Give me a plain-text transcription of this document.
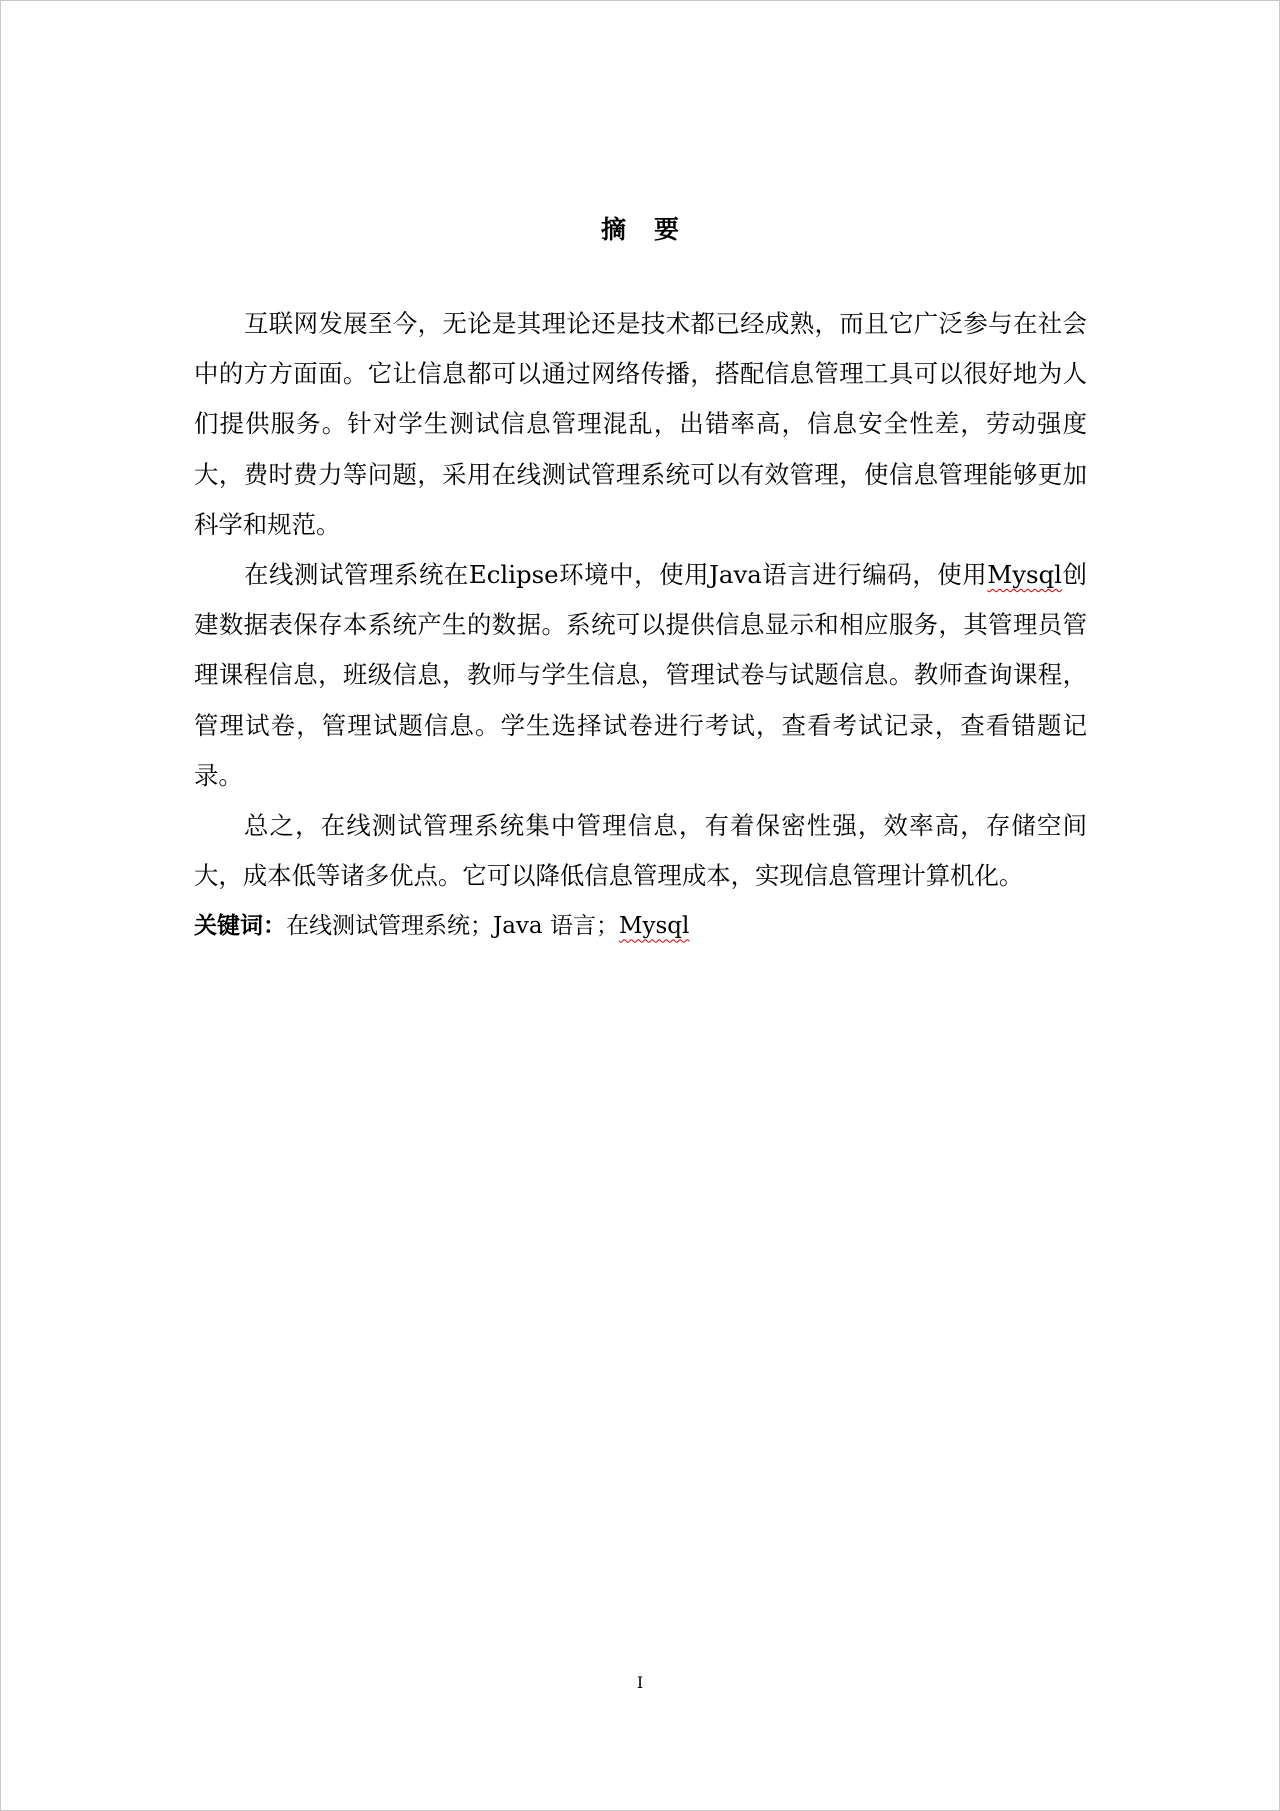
摘要

互联网发展至今，无论是其理论还是技术都已经成熟，而且它广泛参与在社会中的方方面面。它让信息都可以通过网络传播，搭配信息管理工具可以很好地为人们提供服务。针对学生测试信息管理混乱，出错率高，信息安全性差，劳动强度大，费时费力等问题，采用在线测试管理系统可以有效管理，使信息管理能够更加科学和规范。

在线测试管理系统在Eclipse环境中，使用Java语言进行编码，使用Mysql创建数据表保存本系统产生的数据。系统可以提供信息显示和相应服务，其管理员管理课程信息，班级信息，教师与学生信息，管理试卷与试题信息。教师查询课程，管理试卷，管理试题信息。学生选择试卷进行考试，查看考试记录，查看错题记录。

总之，在线测试管理系统集中管理信息，有着保密性强，效率高，存储空间大，成本低等诸多优点。它可以降低信息管理成本，实现信息管理计算机化。

关键词：在线测试管理系统；Java 语言；Mysql

I
